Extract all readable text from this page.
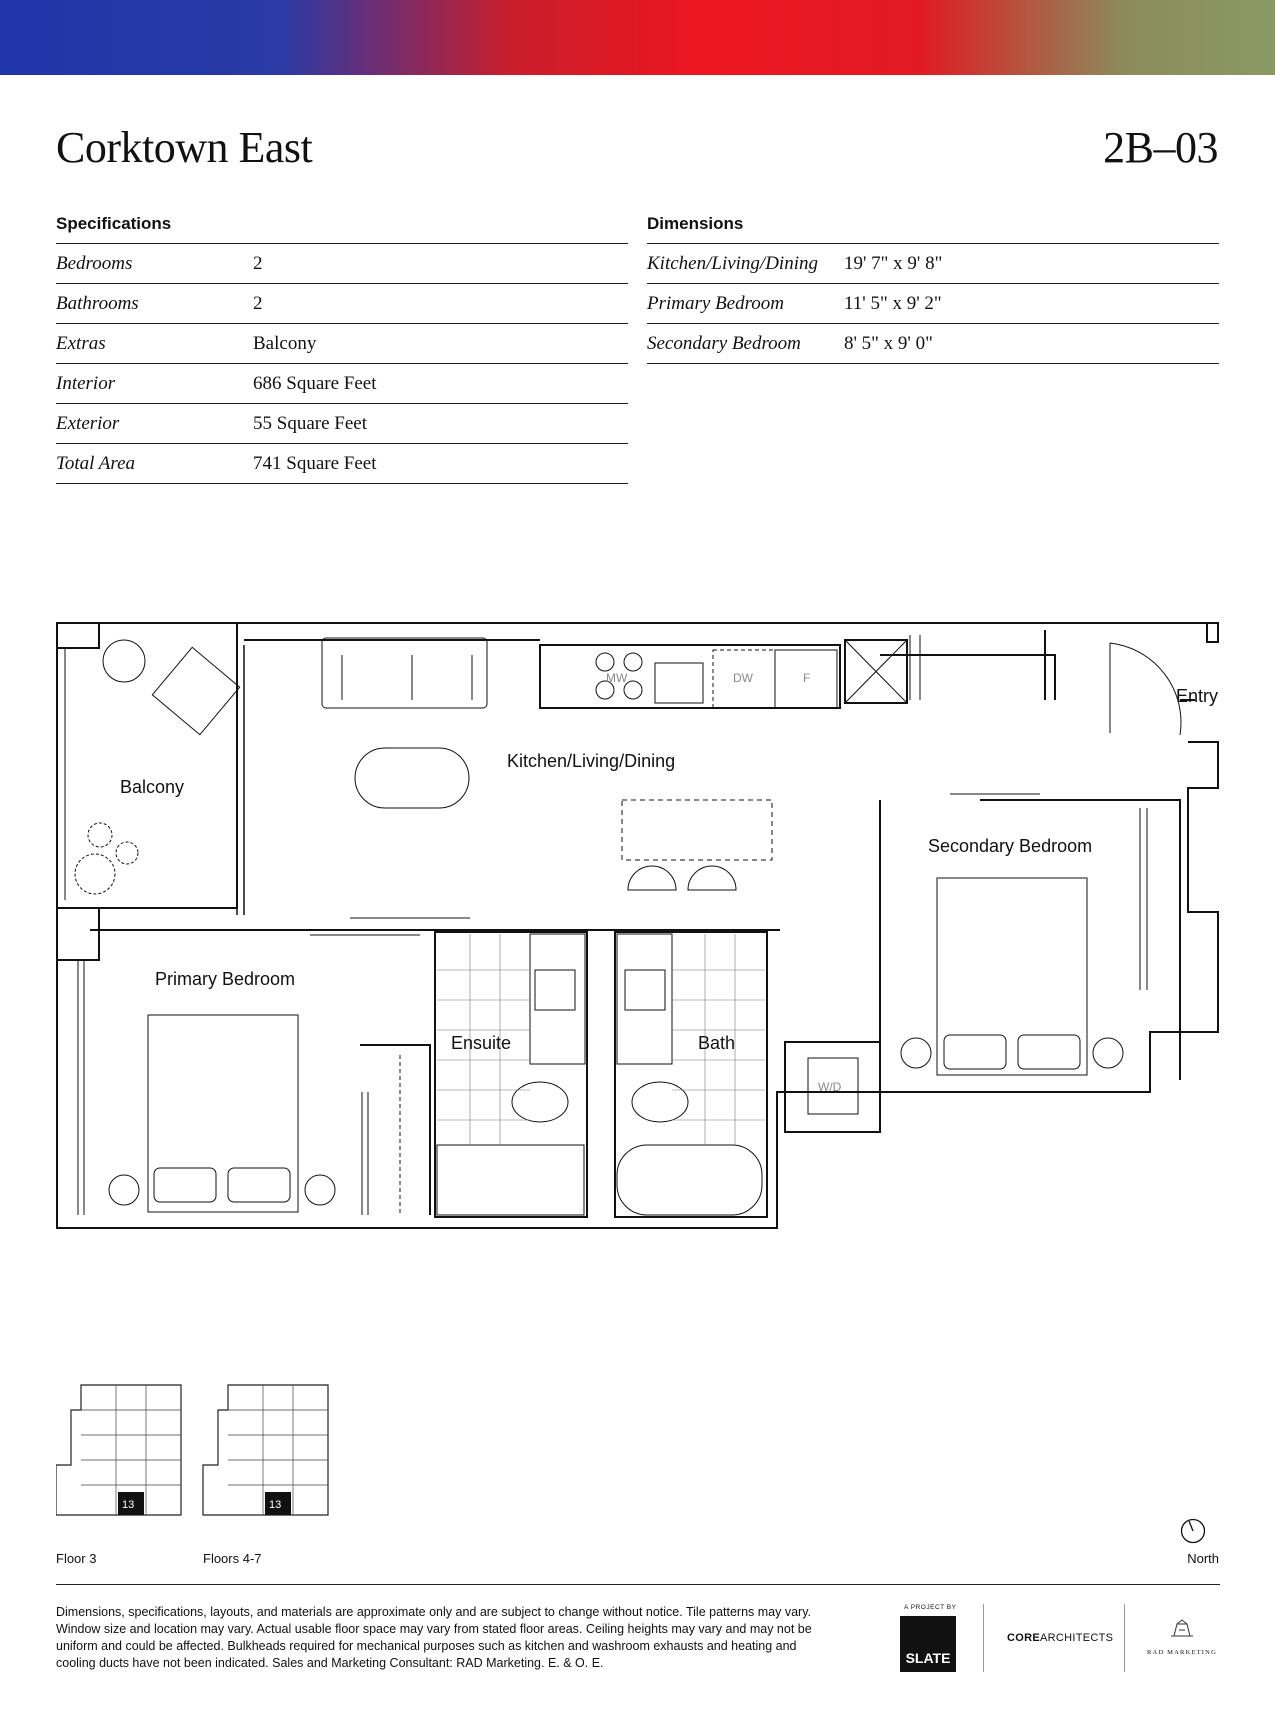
Corktown East	2B–03
Specifications
Bedrooms	2
Bathrooms	2
Extras	Balcony
Interior	686 Square Feet
Exterior	55 Square Feet
Total Area	741 Square Feet
Dimensions
Kitchen/Living/Dining	19' 7" x 9' 8"
Primary Bedroom	11' 5" x 9' 2"
Secondary Bedroom	8' 5" x 9' 0"
Balcony
Kitchen/Living/Dining
Secondary Bedroom
Primary Bedroom
Ensuite	Bath
Entry
MW	DW	F
W/D
13	13
Floor 3	Floors 4-7	North
Dimensions, specifications, layouts, and materials are approximate only and are subject to change without notice. Tile patterns may vary. Window size and location may vary. Actual usable floor space may vary from stated floor areas. Ceiling heights may vary and may not be uniform and could be affected. Bulkheads required for mechanical purposes such as kitchen and washroom exhausts and heating and cooling ducts have not been indicated. Sales and Marketing Consultant: RAD Marketing. E. & O. E.
A PROJECT BY
SLATE
COREARCHITECTS
RAD MARKETING
